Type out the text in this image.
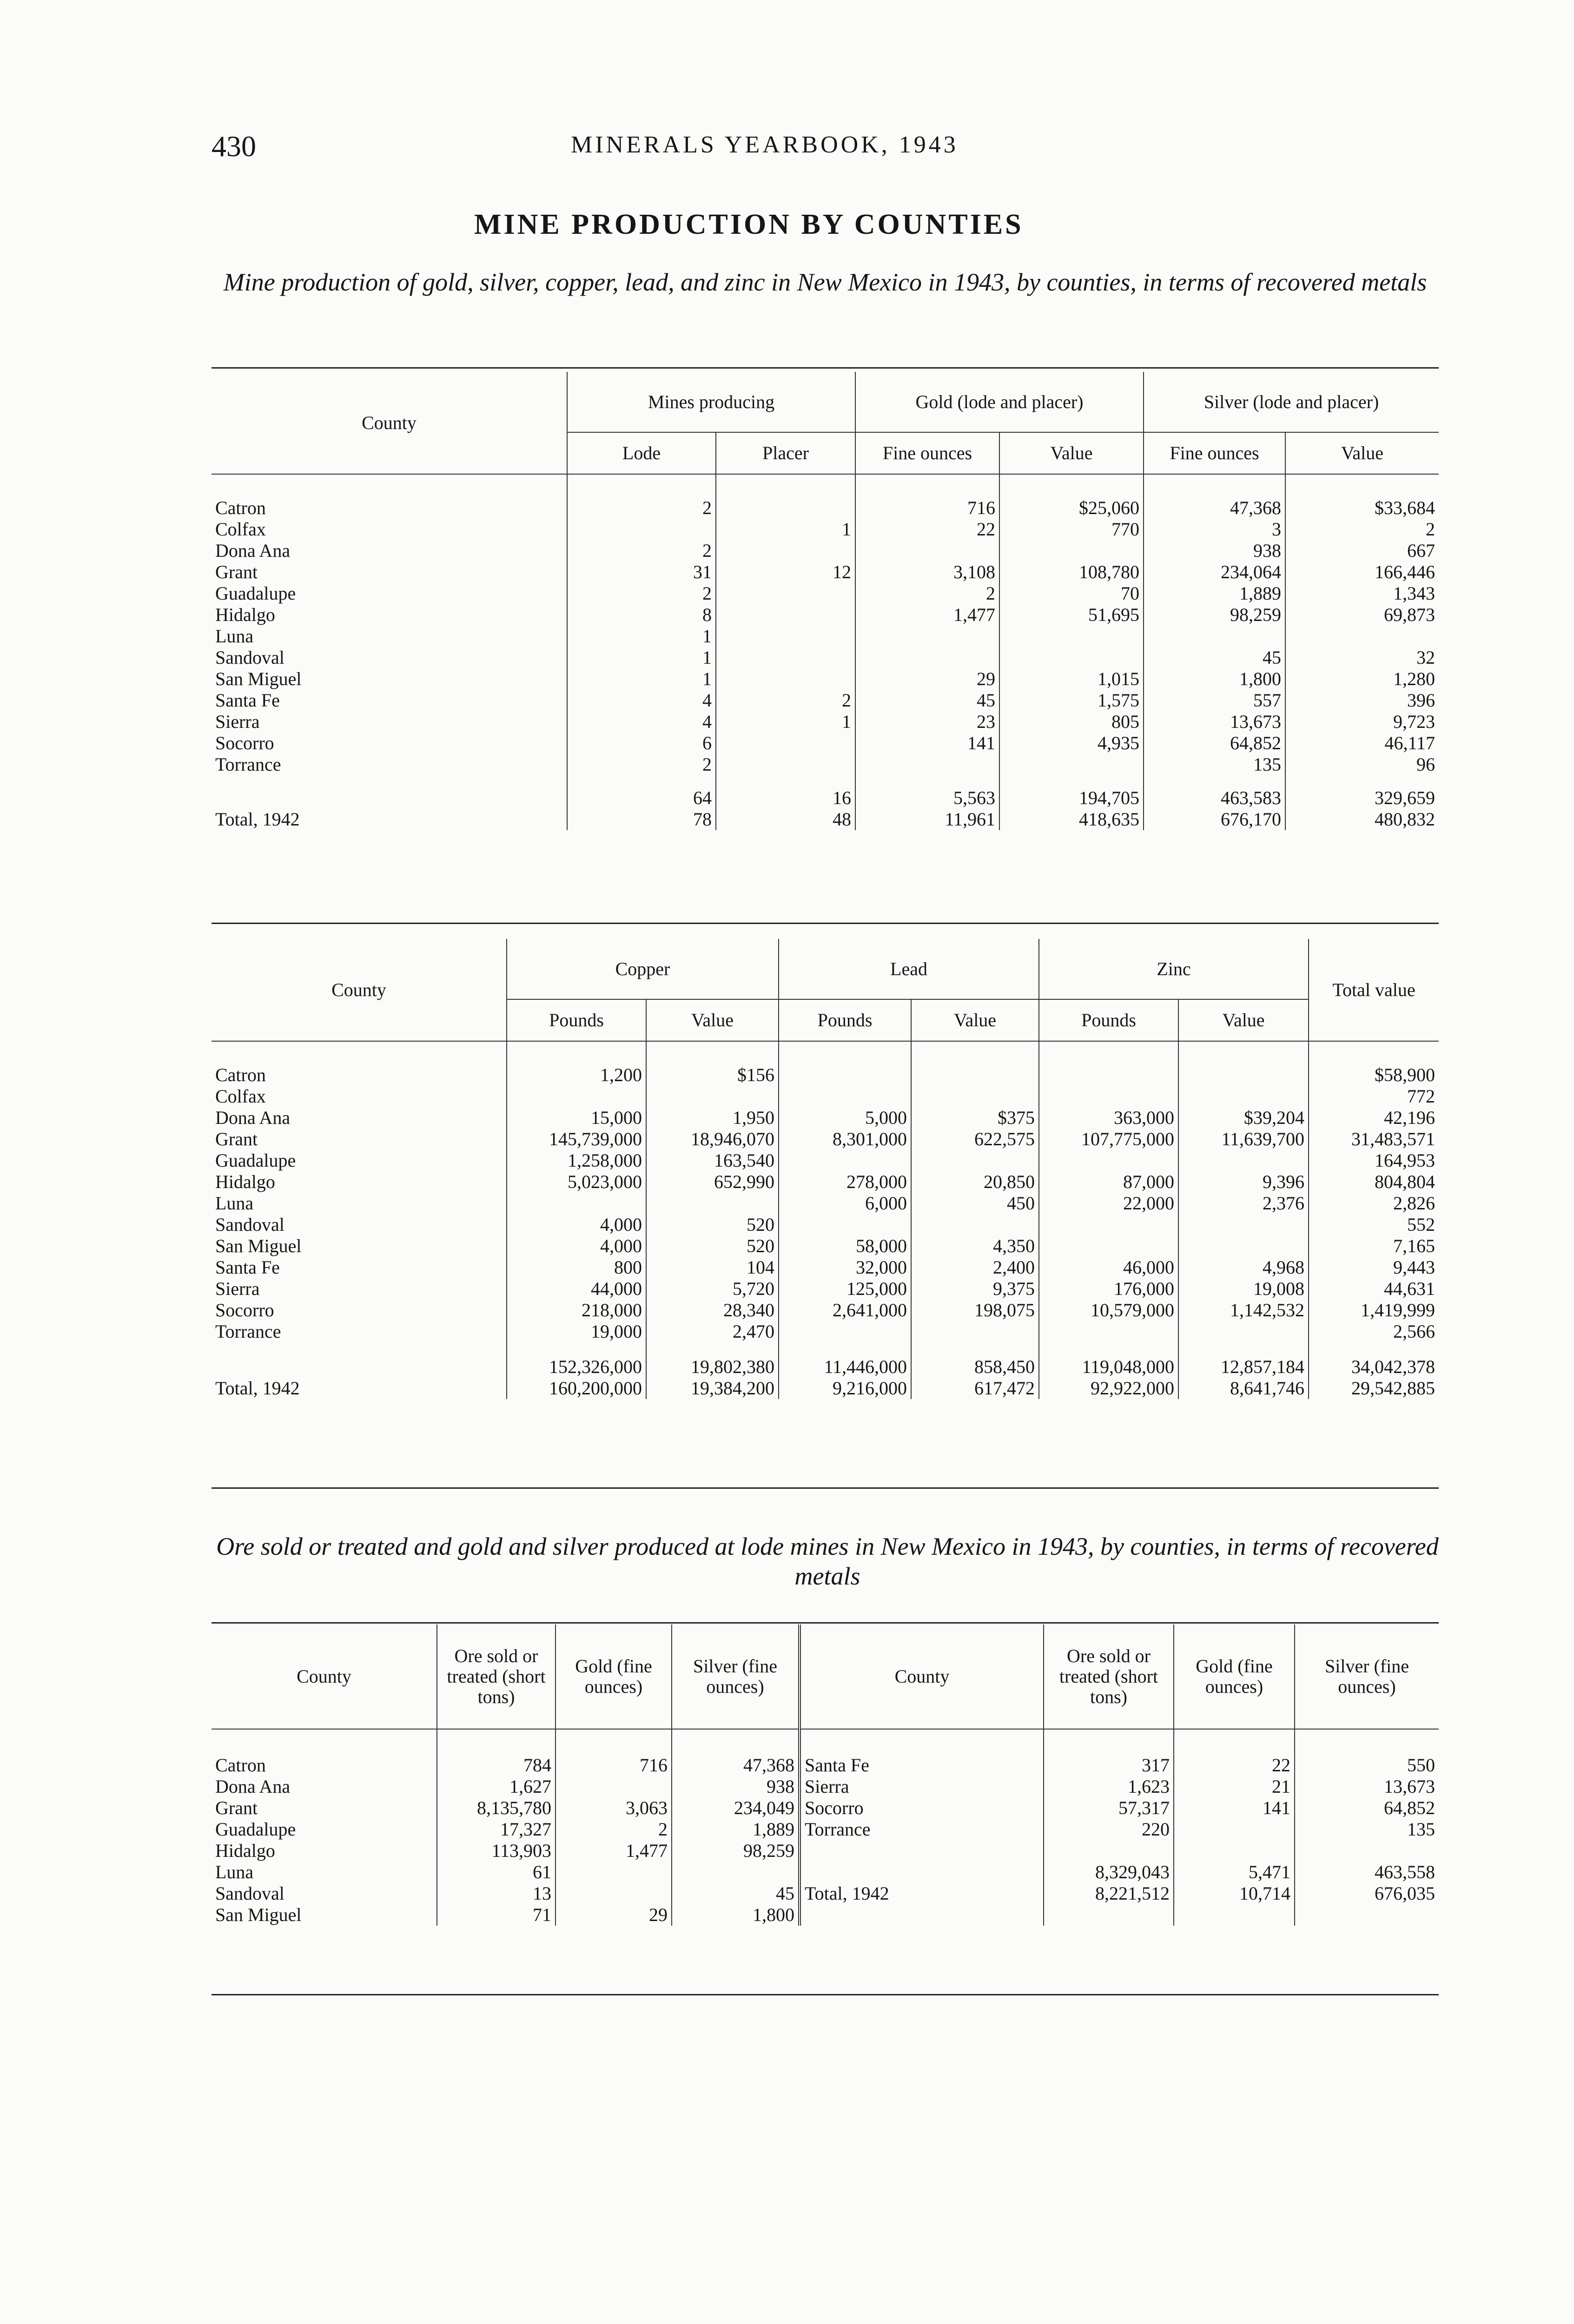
430	MINERALS YEARBOOK, 1943
MINE PRODUCTION BY COUNTIES
Mine production of gold, silver, copper, lead, and zinc in New Mexico in 1943, by counties, in terms of recovered metals
County	Mines producing		Gold (lode and placer)		Silver (lode and placer)	
	Lode	Placer	Fine ounces	Value	Fine ounces	Value

Catron	2		716	$25,060	47,368	$33,684
Colfax		1	22	770	3	2
Dona Ana	2				938	667
Grant	31	12	3,108	108,780	234,064	166,446
Guadalupe	2		2	70	1,889	1,343
Hidalgo	8		1,477	51,695	98,259	69,873
Luna	1					
Sandoval	1				45	32
San Miguel	1		29	1,015	1,800	1,280
Santa Fe	4	2	45	1,575	557	396
Sierra	4	1	23	805	13,673	9,723
Socorro	6		141	4,935	64,852	46,117
Torrance	2				135	96

	64	16	5,563	194,705	463,583	329,659
Total, 1942	78	48	11,961	418,635	676,170	480,832
County	Copper		Lead		Zinc		Total value
	Pounds	Value	Pounds	Value	Pounds	Value	

Catron	1,200	$156					$58,900
Colfax							772
Dona Ana	15,000	1,950	5,000	$375	363,000	$39,204	42,196
Grant	145,739,000	18,946,070	8,301,000	622,575	107,775,000	11,639,700	31,483,571
Guadalupe	1,258,000	163,540					164,953
Hidalgo	5,023,000	652,990	278,000	20,850	87,000	9,396	804,804
Luna			6,000	450	22,000	2,376	2,826
Sandoval	4,000	520					552
San Miguel	4,000	520	58,000	4,350			7,165
Santa Fe	800	104	32,000	2,400	46,000	4,968	9,443
Sierra	44,000	5,720	125,000	9,375	176,000	19,008	44,631
Socorro	218,000	28,340	2,641,000	198,075	10,579,000	1,142,532	1,419,999
Torrance	19,000	2,470					2,566

	152,326,000	19,802,380	11,446,000	858,450	119,048,000	12,857,184	34,042,378
Total, 1942	160,200,000	19,384,200	9,216,000	617,472	92,922,000	8,641,746	29,542,885
Ore sold or treated and gold and silver produced at lode mines in New Mexico in 1943, by counties, in terms of recovered metals
County	Ore sold or treated (short tons)	Gold (fine ounces)	Silver (fine ounces)	County	Ore sold or treated (short tons)	Gold (fine ounces)	Silver (fine ounces)

Catron	784	716	47,368	Santa Fe	317	22	550
Dona Ana	1,627		938	Sierra	1,623	21	13,673
Grant	8,135,780	3,063	234,049	Socorro	57,317	141	64,852
Guadalupe	17,327	2	1,889	Torrance	220		135
Hidalgo	113,903	1,477	98,259				
Luna	61				8,329,043	5,471	463,558
Sandoval	13		45	Total, 1942	8,221,512	10,714	676,035
San Miguel	71	29	1,800				
